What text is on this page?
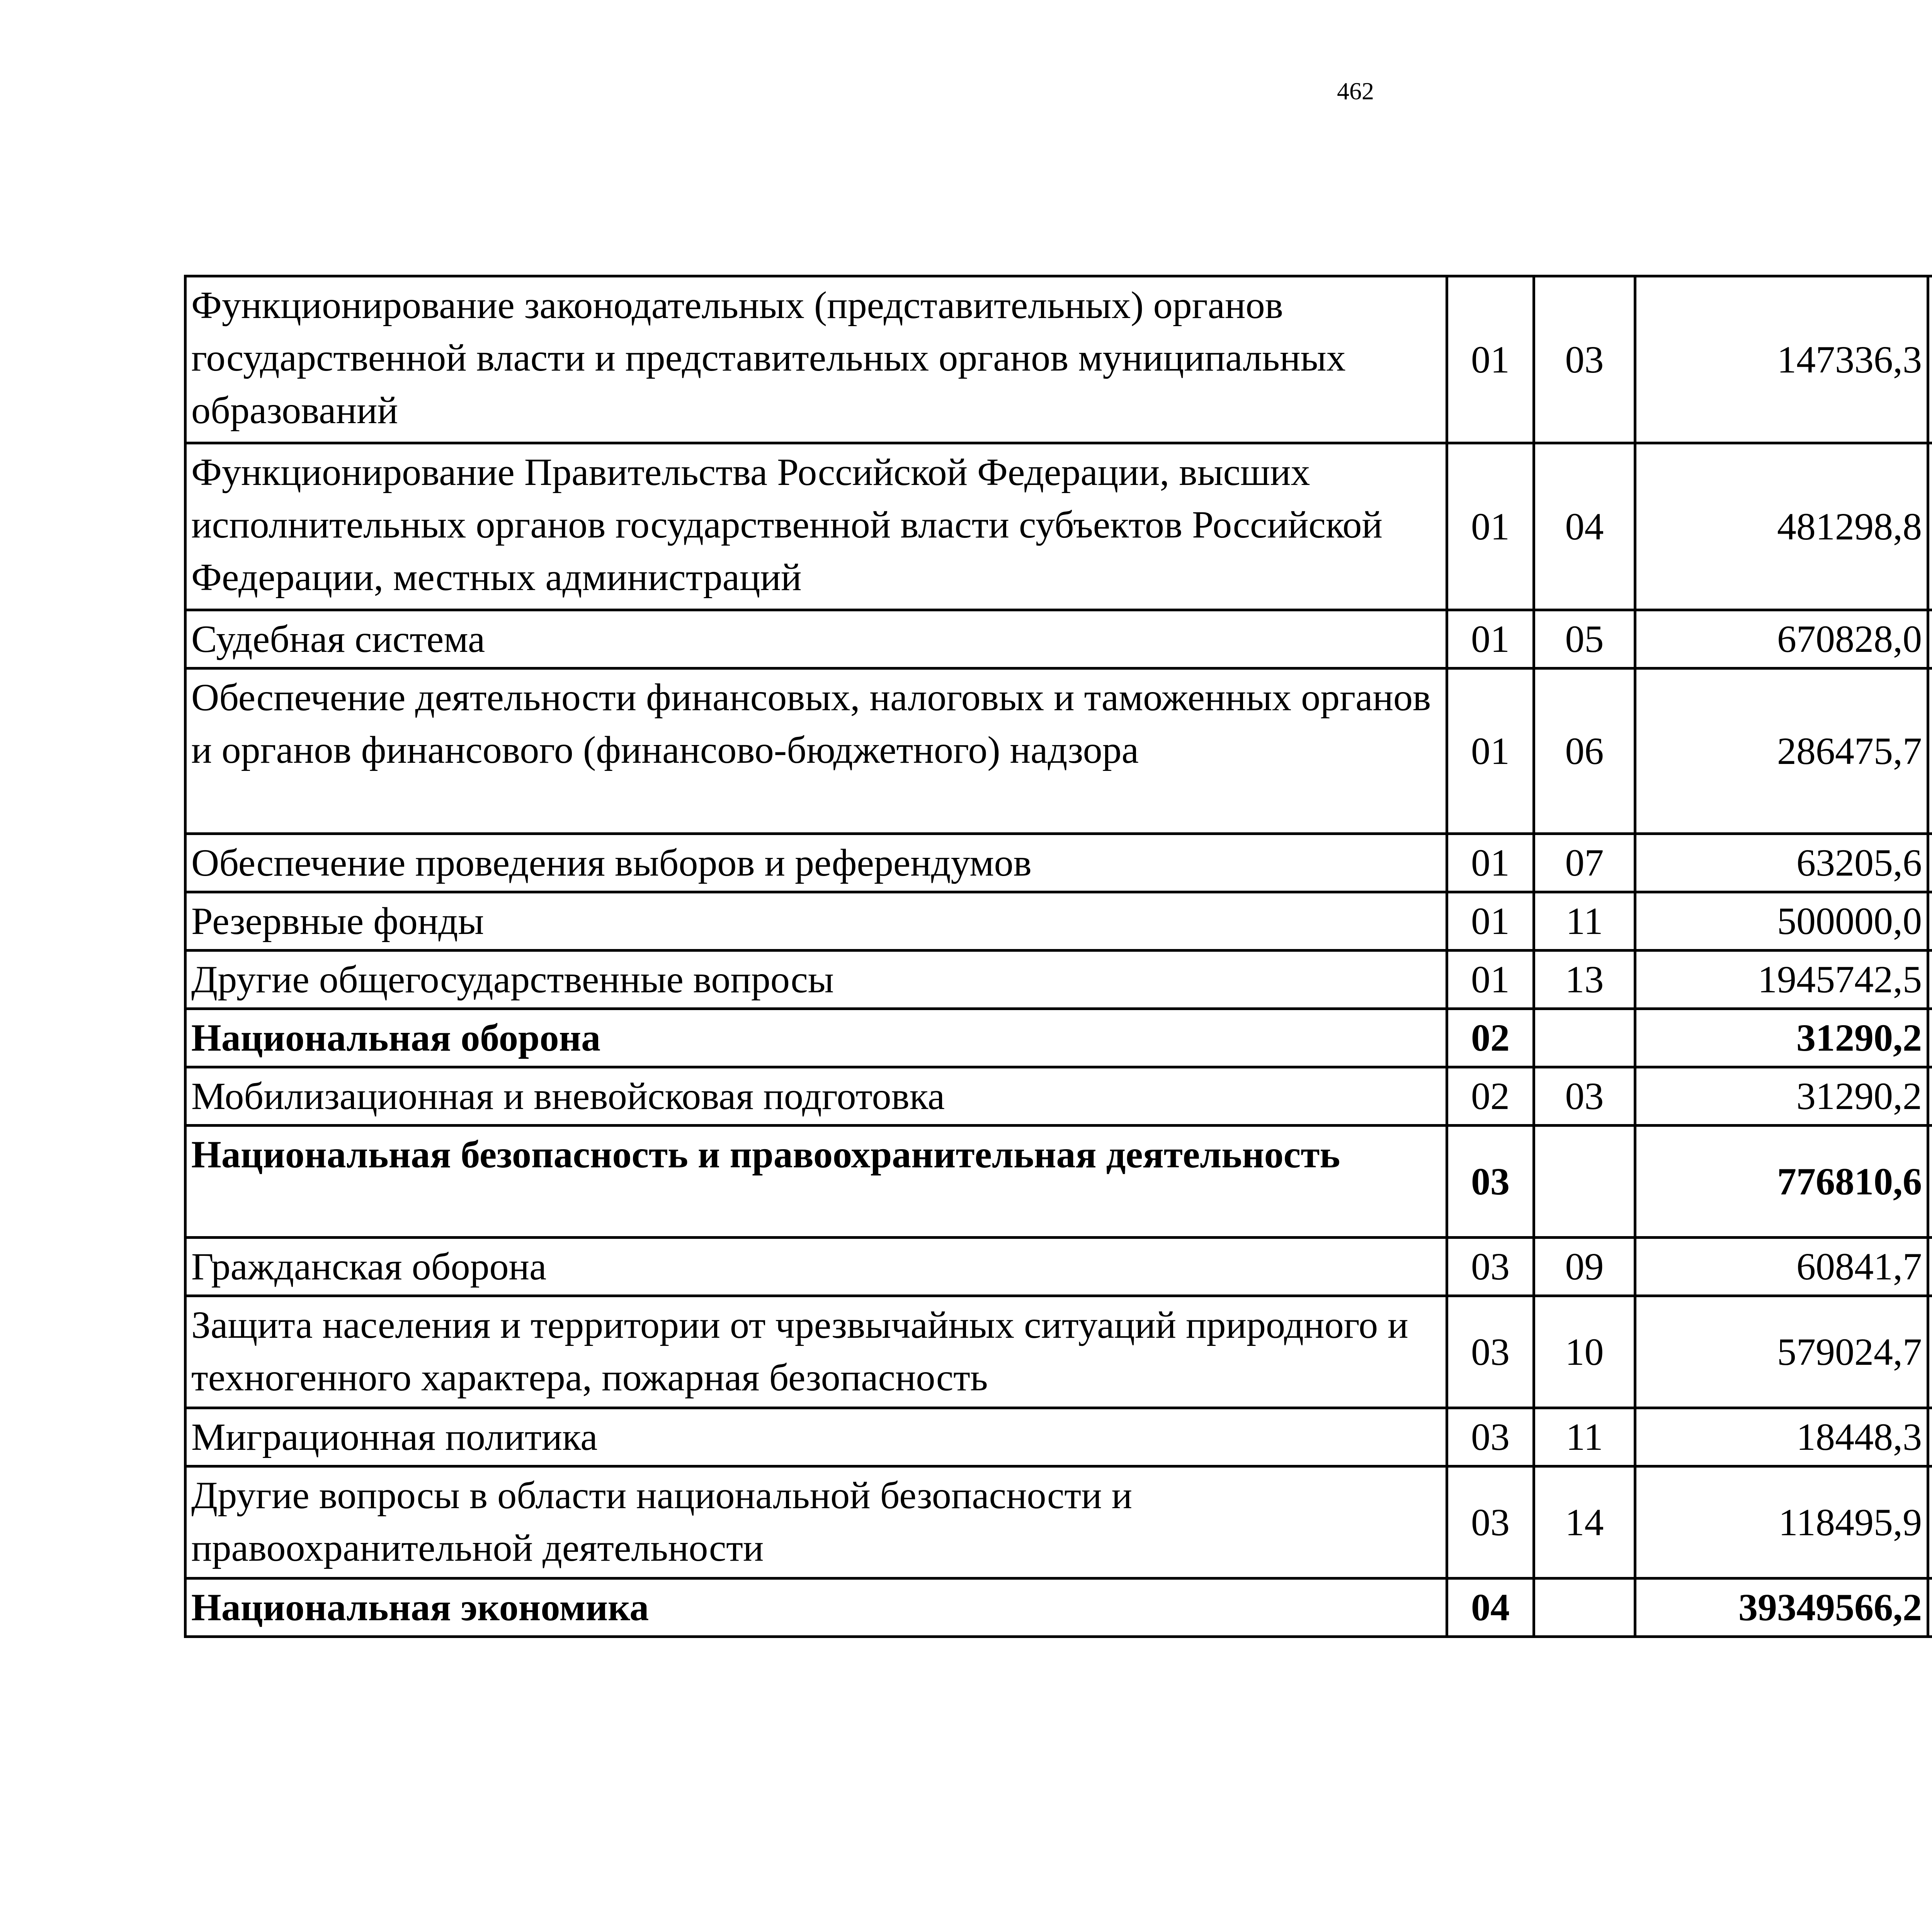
462
Функционирование законодательных (представительных) органов государственной власти и представительных органов муниципальных образований	01	03	147336,3		
Функционирование Правительства Российской Федерации, высших исполнительных органов государственной власти субъектов Российской Федерации, местных администраций	01	04	481298,8		
Судебная система	01	05	670828,0		
Обеспечение деятельности финансовых, налоговых и таможенных органов и органов финансового (финансово-бюджетного) надзора	01	06	286475,7		
Обеспечение проведения выборов и референдумов	01	07	63205,6		
Резервные фонды	01	11	500000,0		
Другие общегосударственные вопросы	01	13	1945742,5		
Национальная оборона	02		31290,2		
Мобилизационная и вневойсковая подготовка	02	03	31290,2		
Национальная безопасность и правоохранительная деятельность	03		776810,6		
Гражданская оборона	03	09	60841,7		
Защита населения и территории от чрезвычайных ситуаций природного и техногенного характера, пожарная безопасность	03	10	579024,7		
Миграционная политика	03	11	18448,3		
Другие вопросы в области национальной безопасности и правоохранительной деятельности	03	14	118495,9		
Национальная экономика	04		39349566,2		
